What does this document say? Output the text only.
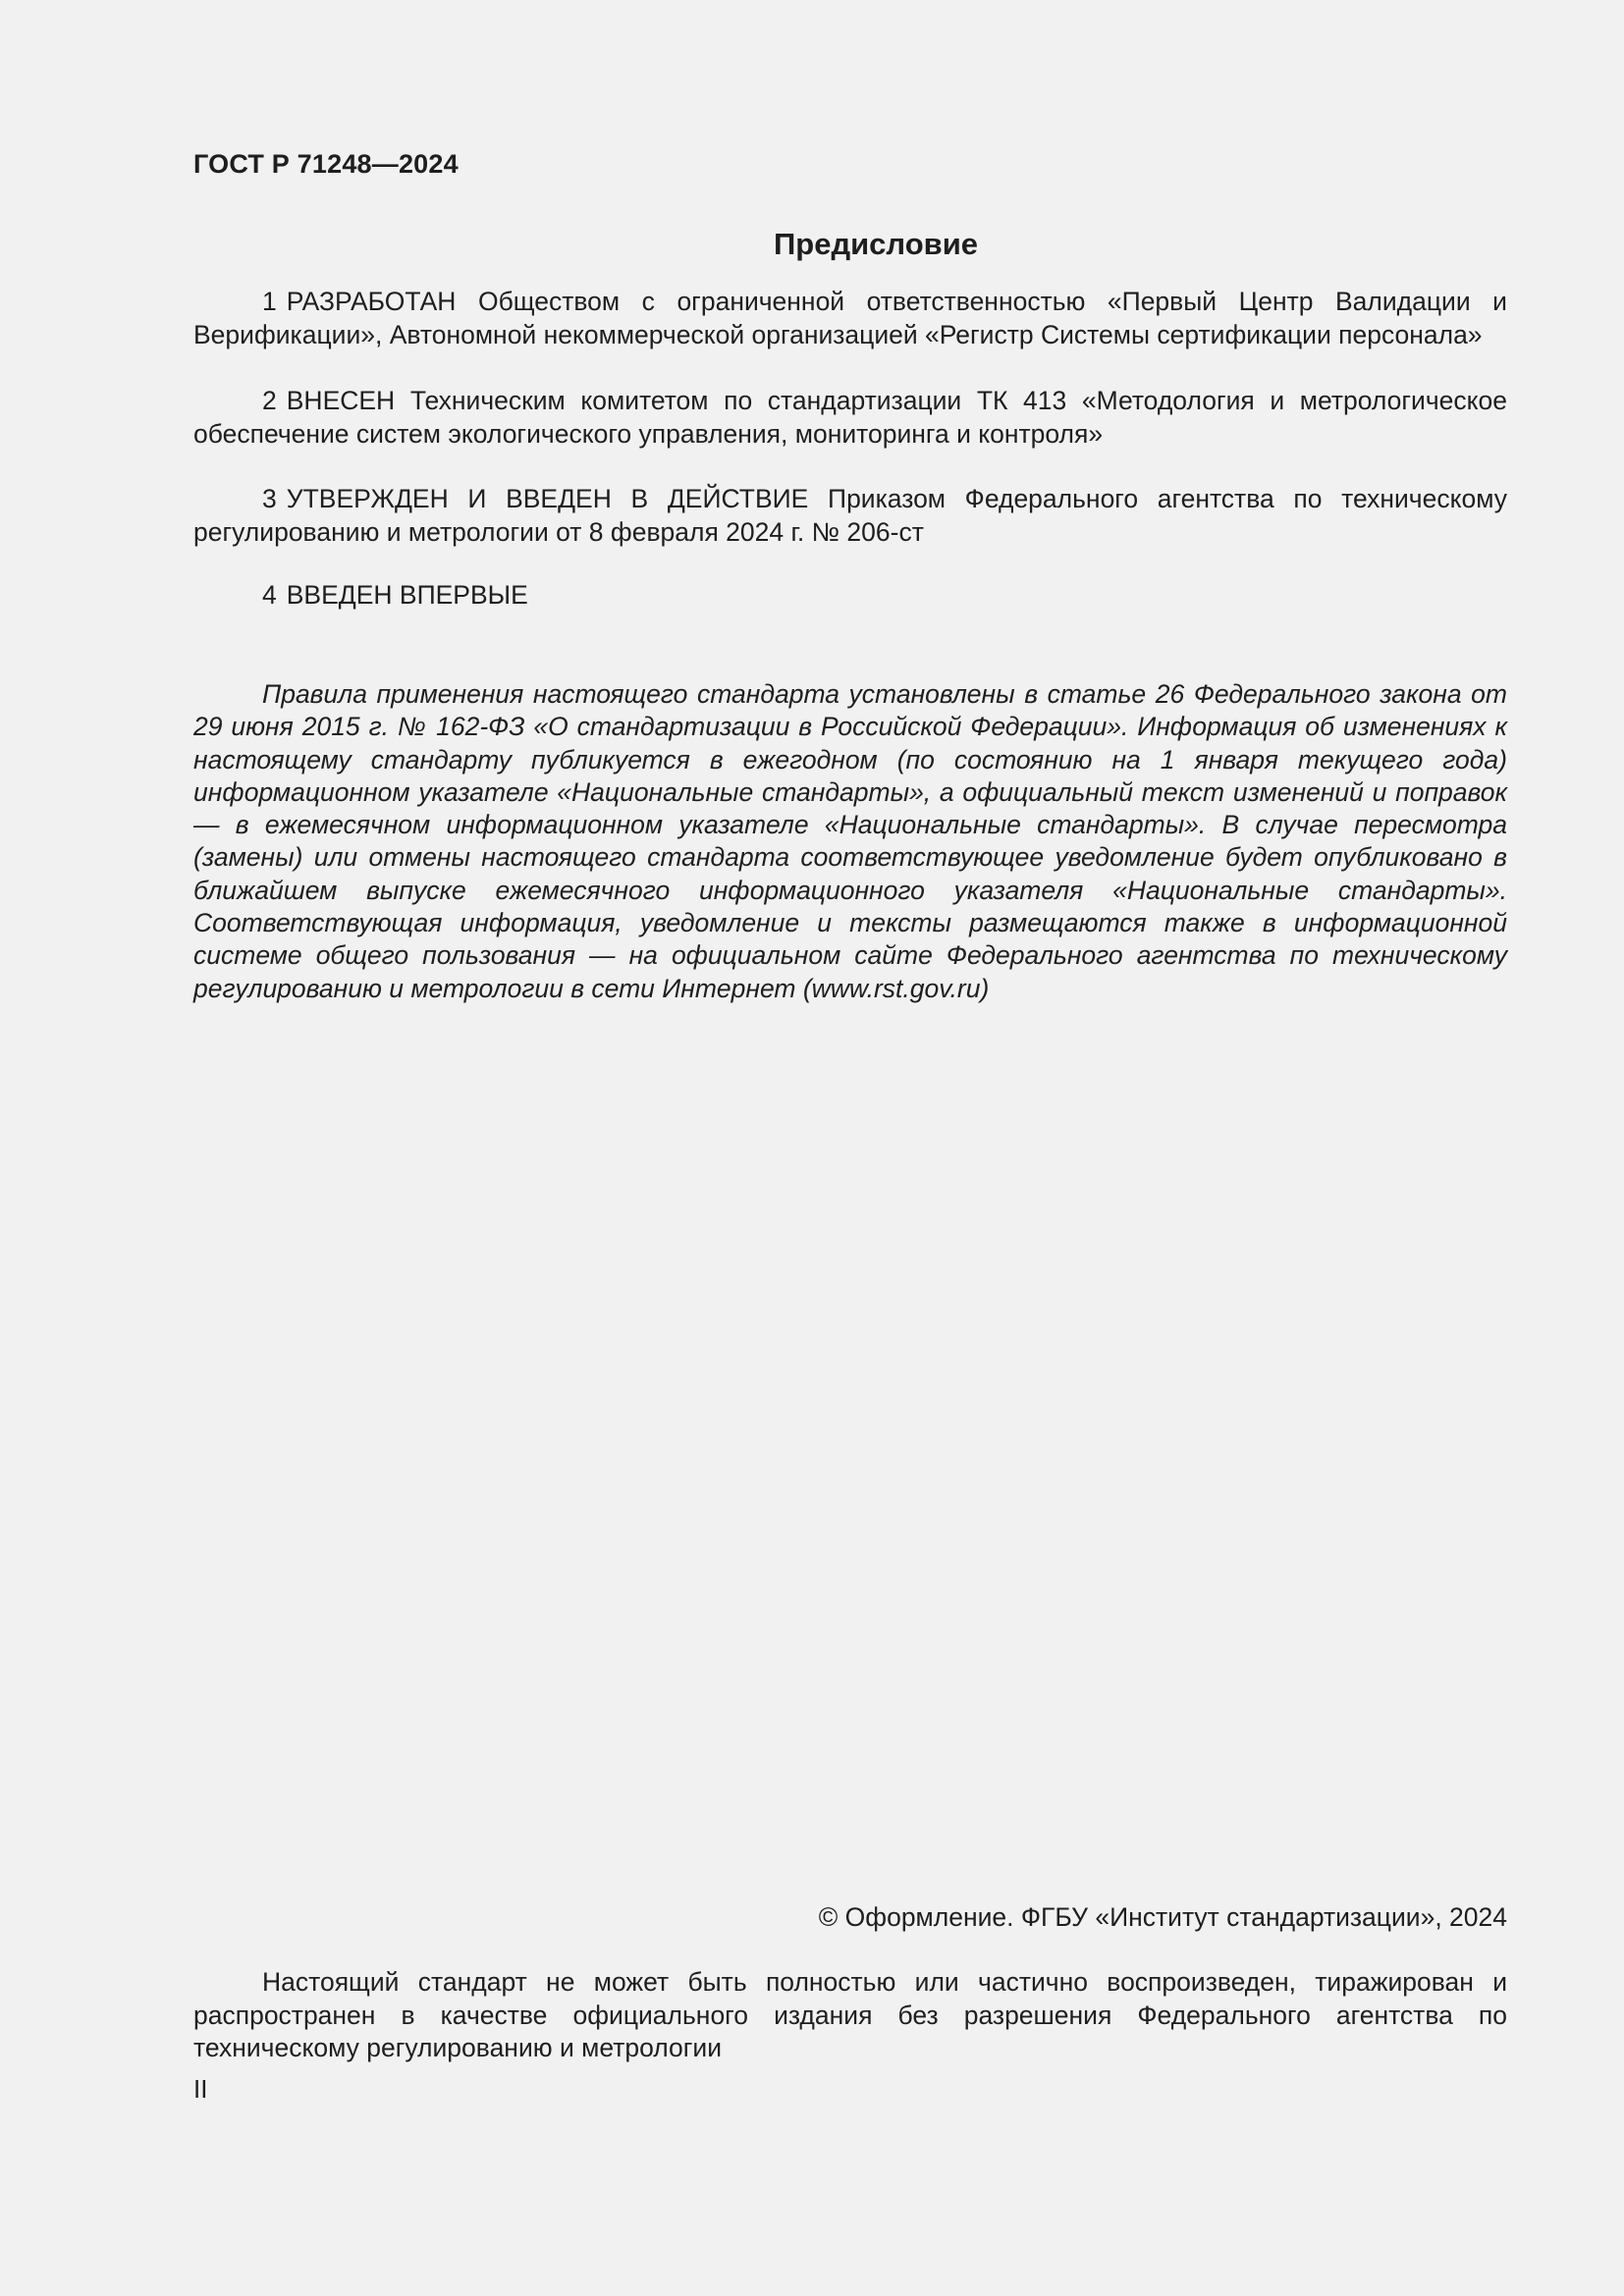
ГОСТ Р 71248—2024
Предисловие

1 РАЗРАБОТАН Обществом с ограниченной ответственностью «Первый Центр Валидации и Верификации», Автономной некоммерческой организацией «Регистр Системы сертификации персонала»

2 ВНЕСЕН Техническим комитетом по стандартизации ТК 413 «Методология и метрологическое обеспечение систем экологического управления, мониторинга и контроля»

3 УТВЕРЖДЕН И ВВЕДЕН В ДЕЙСТВИЕ Приказом Федерального агентства по техническому регулированию и метрологии от 8 февраля 2024 г. № 206-ст

4 ВВЕДЕН ВПЕРВЫЕ

Правила применения настоящего стандарта установлены в статье 26 Федерального закона от 29 июня 2015 г. № 162-ФЗ «О стандартизации в Российской Федерации». Информация об изменениях к настоящему стандарту публикуется в ежегодном (по состоянию на 1 января текущего года) информационном указателе «Национальные стандарты», а официальный текст изменений и поправок — в ежемесячном информационном указателе «Национальные стандарты». В случае пересмотра (замены) или отмены настоящего стандарта соответствующее уведомление будет опубликовано в ближайшем выпуске ежемесячного информационного указателя «Национальные стандарты». Соответствующая информация, уведомление и тексты размещаются также в информационной системе общего пользования — на официальном сайте Федерального агентства по техническому регулированию и метрологии в сети Интернет (www.rst.gov.ru)

© Оформление. ФГБУ «Институт стандартизации», 2024

Настоящий стандарт не может быть полностью или частично воспроизведен, тиражирован и распространен в качестве официального издания без разрешения Федерального агентства по техническому регулированию и метрологии

II
